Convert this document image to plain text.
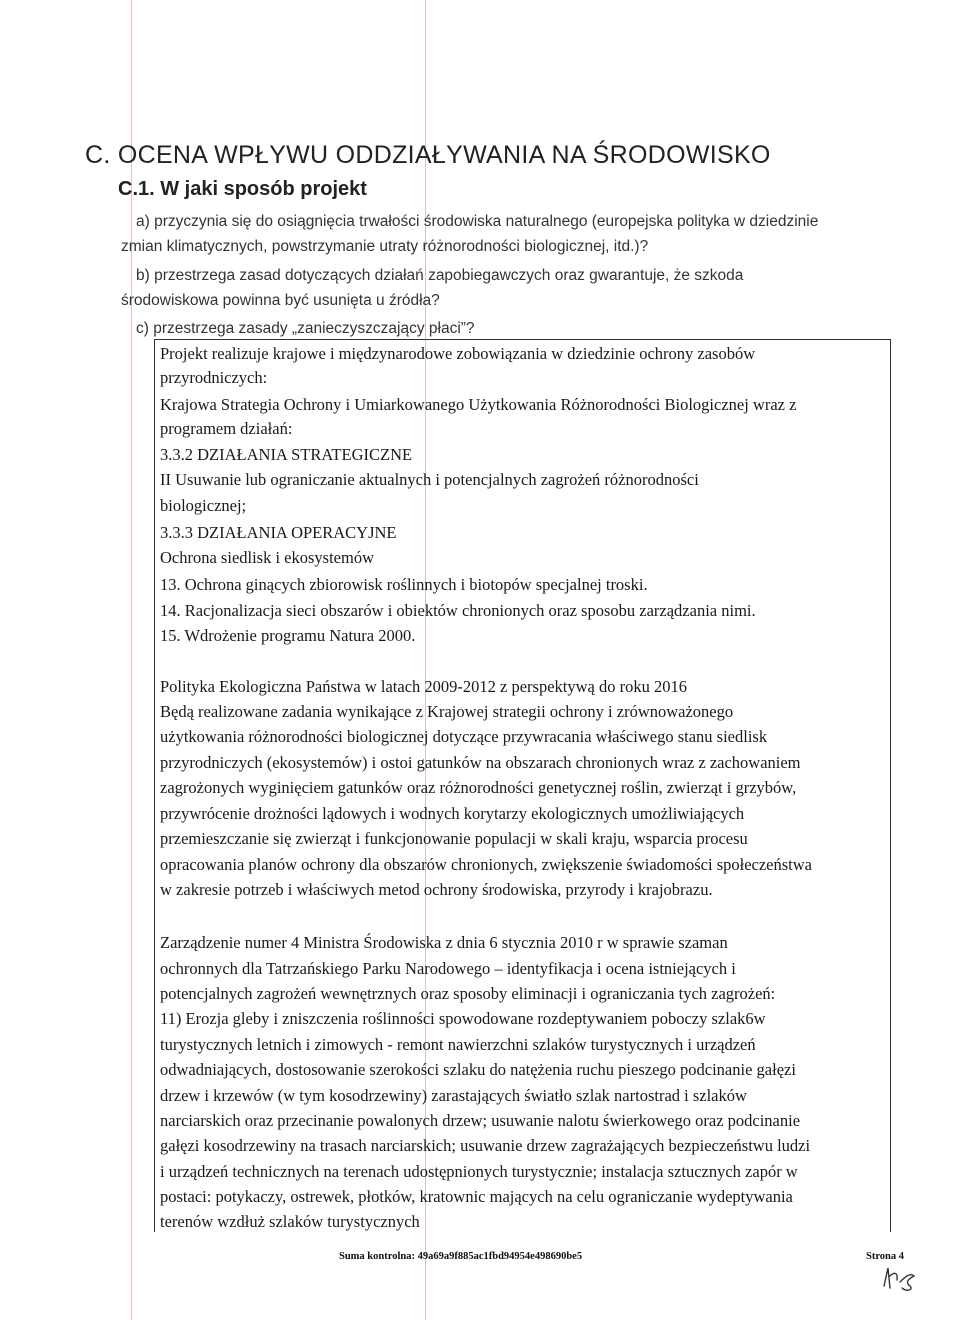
C. OCENA WPŁYWU ODDZIAŁYWANIA NA ŚRODOWISKO
C.1. W jaki sposób projekt
a) przyczynia się do osiągnięcia trwałości środowiska naturalnego (europejska polityka w dziedzinie
zmian klimatycznych, powstrzymanie utraty różnorodności biologicznej, itd.)?
b) przestrzega zasad dotyczących działań zapobiegawczych oraz gwarantuje, że szkoda
środowiskowa powinna być usunięta u źródła?
c) przestrzega zasady „zanieczyszczający płaci”?
Projekt realizuje krajowe i międzynarodowe zobowiązania w dziedzinie ochrony zasobów
przyrodniczych:
Krajowa Strategia Ochrony i Umiarkowanego Użytkowania Różnorodności Biologicznej wraz z
programem działań:
3.3.2 DZIAŁANIA STRATEGICZNE
II Usuwanie lub ograniczanie aktualnych i potencjalnych zagrożeń różnorodności
biologicznej;
3.3.3 DZIAŁANIA OPERACYJNE
Ochrona siedlisk i ekosystemów
13. Ochrona ginących zbiorowisk roślinnych i biotopów specjalnej troski.
14. Racjonalizacja sieci obszarów i obiektów chronionych oraz sposobu zarządzania nimi.
15. Wdrożenie programu Natura 2000.
Polityka Ekologiczna Państwa w latach 2009-2012 z perspektywą do roku 2016
Będą realizowane zadania wynikające z Krajowej strategii ochrony i zrównoważonego
użytkowania różnorodności biologicznej dotyczące przywracania właściwego stanu siedlisk
przyrodniczych (ekosystemów) i ostoi gatunków na obszarach chronionych wraz z zachowaniem
zagrożonych wyginięciem gatunków oraz różnorodności genetycznej roślin, zwierząt i grzybów,
przywrócenie drożności lądowych i wodnych korytarzy ekologicznych umożliwiających
przemieszczanie się zwierząt i funkcjonowanie populacji w skali kraju, wsparcia procesu
opracowania planów ochrony dla obszarów chronionych, zwiększenie świadomości społeczeństwa
w zakresie potrzeb i właściwych metod ochrony środowiska, przyrody i krajobrazu.
Zarządzenie numer 4 Ministra Środowiska z dnia 6 stycznia 2010 r w sprawie szaman
ochronnych dla Tatrzańskiego Parku Narodowego – identyfikacja i ocena istniejących i
potencjalnych zagrożeń wewnętrznych oraz sposoby eliminacji i ograniczania tych zagrożeń:
11) Erozja gleby i zniszczenia roślinności spowodowane rozdeptywaniem poboczy szlak6w
turystycznych letnich i zimowych - remont nawierzchni szlaków turystycznych i urządzeń
odwadniających, dostosowanie szerokości szlaku do natężenia ruchu pieszego podcinanie gałęzi
drzew i krzewów (w tym kosodrzewiny) zarastających światło szlak nartostrad i szlaków
narciarskich oraz przecinanie powalonych drzew; usuwanie nalotu świerkowego oraz podcinanie
gałęzi kosodrzewiny na trasach narciarskich; usuwanie drzew zagrażających bezpieczeństwu ludzi
i urządzeń technicznych na terenach udostępnionych turystycznie; instalacja sztucznych zapór w
postaci: potykaczy, ostrewek, płotków, kratownic mających na celu ograniczanie wydeptywania
terenów wzdłuż szlaków turystycznych
Suma kontrolna: 49a69a9f885ac1fbd94954e498690be5	Strona 4
